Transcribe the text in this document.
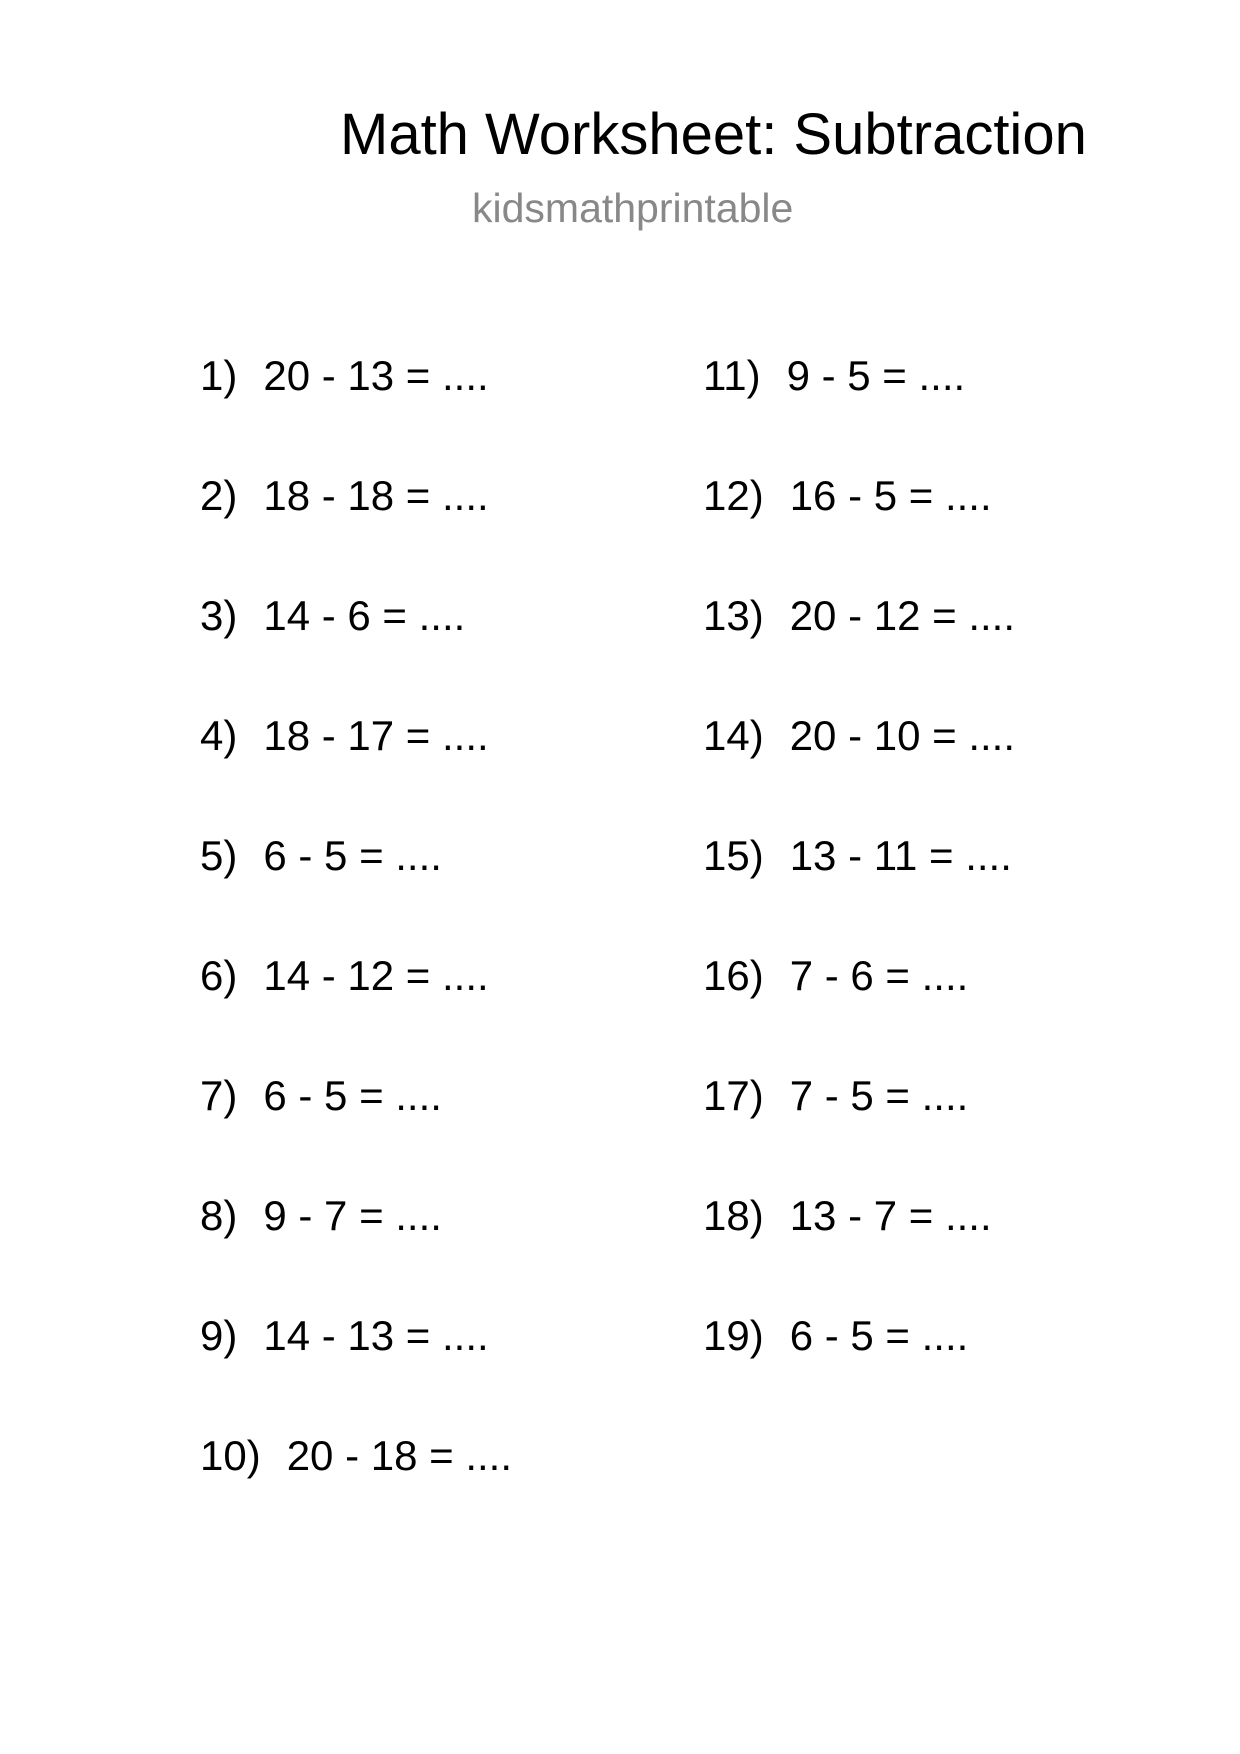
Math Worksheet: Subtraction
kidsmathprintable
1) 20 - 13 = ....
2) 18 - 18 = ....
3) 14 - 6 = ....
4) 18 - 17 = ....
5) 6 - 5 = ....
6) 14 - 12 = ....
7) 6 - 5 = ....
8) 9 - 7 = ....
9) 14 - 13 = ....
10) 20 - 18 = ....
11) 9 - 5 = ....
12) 16 - 5 = ....
13) 20 - 12 = ....
14) 20 - 10 = ....
15) 13 - 11 = ....
16) 7 - 6 = ....
17) 7 - 5 = ....
18) 13 - 7 = ....
19) 6 - 5 = ....
